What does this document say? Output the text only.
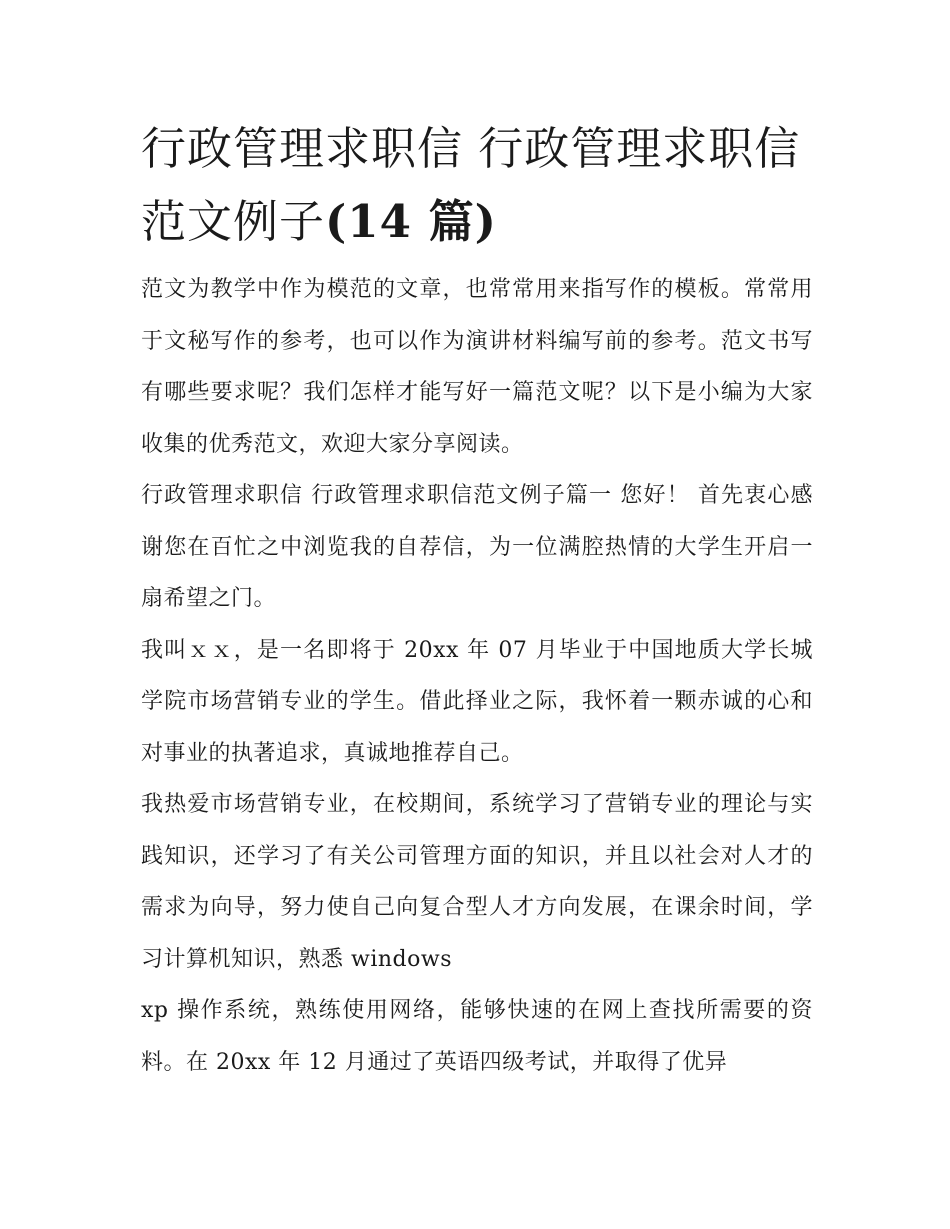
行政管理求职信 行政管理求职信范文例子(14 篇)

范文为教学中作为模范的文章，也常常用来指写作的模板。常常用于文秘写作的参考，也可以作为演讲材料编写前的参考。范文书写有哪些要求呢？我们怎样才能写好一篇范文呢？以下是小编为大家收集的优秀范文，欢迎大家分享阅读。

行政管理求职信 行政管理求职信范文例子篇一 您好！ 首先衷心感谢您在百忙之中浏览我的自荐信，为一位满腔热情的大学生开启一扇希望之门。

我叫ｘｘ，是一名即将于 20xx 年 07 月毕业于中国地质大学长城学院市场营销专业的学生。借此择业之际，我怀着一颗赤诚的心和对事业的执著追求，真诚地推荐自己。

我热爱市场营销专业，在校期间，系统学习了营销专业的理论与实践知识，还学习了有关公司管理方面的知识，并且以社会对人才的需求为向导，努力使自己向复合型人才方向发展，在课余时间，学习计算机知识，熟悉 windows

xp 操作系统，熟练使用网络，能够快速的在网上查找所需要的资料。在 20xx 年 12 月通过了英语四级考试，并取得了优异
